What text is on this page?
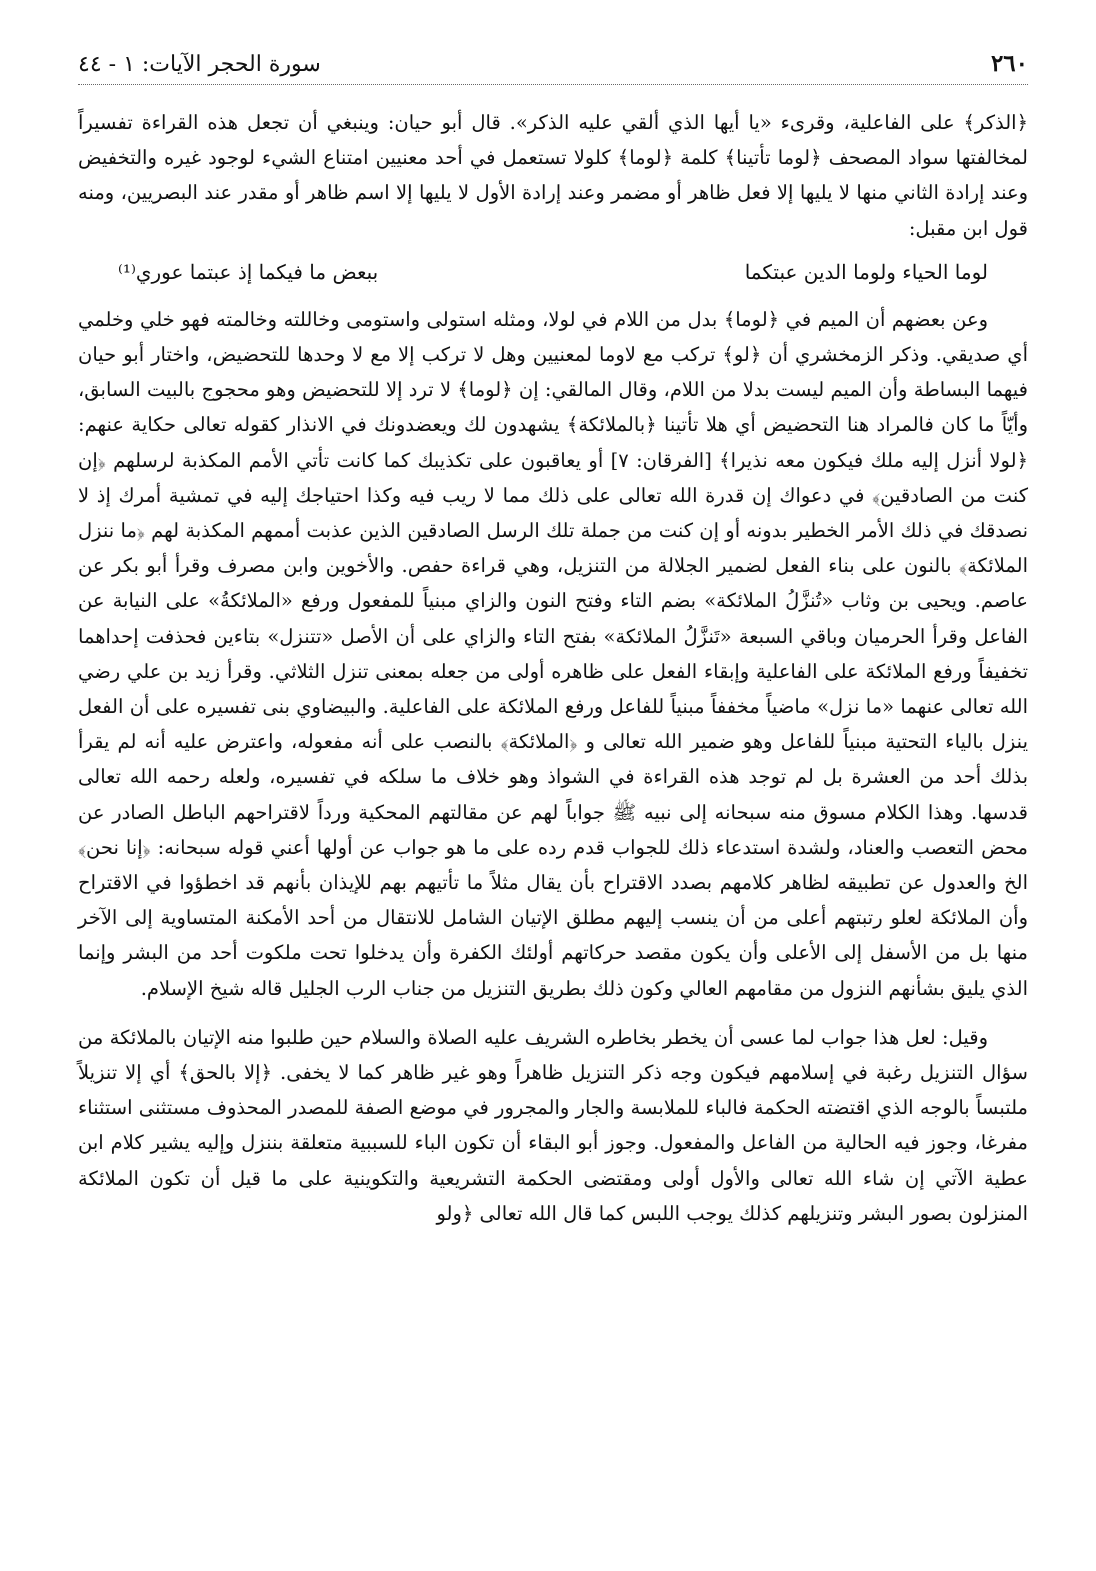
٢٦٠
سورة الحجر الآيات: ١ - ٤٤

﴿الذكر﴾ على الفاعلية، وقرىء «يا أيها الذي ألقي عليه الذكر». قال أبو حيان: وينبغي أن تجعل هذه القراءة تفسيراً لمخالفتها سواد المصحف ﴿لوما تأتينا﴾ كلمة ﴿لوما﴾ كلولا تستعمل في أحد معنيين امتناع الشيء لوجود غيره والتخفيض وعند إرادة الثاني منها لا يليها إلا فعل ظاهر أو مضمر وعند إرادة الأول لا يليها إلا اسم ظاهر أو مقدر عند البصريين، ومنه قول ابن مقبل:

لوما الحياء ولوما الدين عبتكما
ببعض ما فيكما إذ عبتما عوري⁽¹⁾

وعن بعضهم أن الميم في ﴿لوما﴾ بدل من اللام في لولا، ومثله استولى واستومى وخاللته وخالمته فهو خلي وخلمي أي صديقي. وذكر الزمخشري أن ﴿لو﴾ تركب مع لاوما لمعنيين وهل لا تركب إلا مع لا وحدها للتحضيض، واختار أبو حيان فيهما البساطة وأن الميم ليست بدلا من اللام، وقال المالقي: إن ﴿لوما﴾ لا ترد إلا للتحضيض وهو محجوج بالبيت السابق، وأيّاً ما كان فالمراد هنا التحضيض أي هلا تأتينا ﴿بالملائكة﴾ يشهدون لك ويعضدونك في الانذار كقوله تعالى حكاية عنهم: ﴿لولا أنزل إليه ملك فيكون معه نذيرا﴾ [الفرقان: ٧] أو يعاقبون على تكذيبك كما كانت تأتي الأمم المكذبة لرسلهم ﴿إن كنت من الصادقين﴾ في دعواك إن قدرة الله تعالى على ذلك مما لا ريب فيه وكذا احتياجك إليه في تمشية أمرك إذ لا نصدقك في ذلك الأمر الخطير بدونه أو إن كنت من جملة تلك الرسل الصادقين الذين عذبت أممهم المكذبة لهم ﴿ما ننزل الملائكة﴾ بالنون على بناء الفعل لضمير الجلالة من التنزيل، وهي قراءة حفص. والأخوين وابن مصرف وقرأ أبو بكر عن عاصم. ويحيى بن وثاب «تُنزَّلُ الملائكة» بضم التاء وفتح النون والزاي مبنياً للمفعول ورفع «الملائكةُ» على النيابة عن الفاعل وقرأ الحرميان وباقي السبعة «تَنزَّلُ الملائكة» بفتح التاء والزاي على أن الأصل «تتنزل» بتاءين فحذفت إحداهما تخفيفاً ورفع الملائكة على الفاعلية وإبقاء الفعل على ظاهره أولى من جعله بمعنى تنزل الثلاثي. وقرأ زيد بن علي رضي الله تعالى عنهما «ما نزل» ماضياً مخففاً مبنياً للفاعل ورفع الملائكة على الفاعلية. والبيضاوي بنى تفسيره على أن الفعل ينزل بالياء التحتية مبنياً للفاعل وهو ضمير الله تعالى و ﴿الملائكة﴾ بالنصب على أنه مفعوله، واعترض عليه أنه لم يقرأ بذلك أحد من العشرة بل لم توجد هذه القراءة في الشواذ وهو خلاف ما سلكه في تفسيره، ولعله رحمه الله تعالى قدسها. وهذا الكلام مسوق منه سبحانه إلى نبيه ﷺ جواباً لهم عن مقالتهم المحكية ورداً لاقتراحهم الباطل الصادر عن محض التعصب والعناد، ولشدة استدعاء ذلك للجواب قدم رده على ما هو جواب عن أولها أعني قوله سبحانه: ﴿إنا نحن﴾ الخ والعدول عن تطبيقه لظاهر كلامهم بصدد الاقتراح بأن يقال مثلاً ما تأتيهم بهم للإيذان بأنهم قد اخطؤوا في الاقتراح وأن الملائكة لعلو رتبتهم أعلى من أن ينسب إليهم مطلق الإتيان الشامل للانتقال من أحد الأمكنة المتساوية إلى الآخر منها بل من الأسفل إلى الأعلى وأن يكون مقصد حركاتهم أولئك الكفرة وأن يدخلوا تحت ملكوت أحد من البشر وإنما الذي يليق بشأنهم النزول من مقامهم العالي وكون ذلك بطريق التنزيل من جناب الرب الجليل قاله شيخ الإسلام.

وقيل: لعل هذا جواب لما عسى أن يخطر بخاطره الشريف عليه الصلاة والسلام حين طلبوا منه الإتيان بالملائكة من سؤال التنزيل رغبة في إسلامهم فيكون وجه ذكر التنزيل ظاهراً وهو غير ظاهر كما لا يخفى. ﴿إلا بالحق﴾ أي إلا تنزيلاً ملتبساً بالوجه الذي اقتضته الحكمة فالباء للملابسة والجار والمجرور في موضع الصفة للمصدر المحذوف مستثنى استثناء مفرغا، وجوز فيه الحالية من الفاعل والمفعول. وجوز أبو البقاء أن تكون الباء للسببية متعلقة بننزل وإليه يشير كلام ابن عطية الآتي إن شاء الله تعالى والأول أولى ومقتضى الحكمة التشريعية والتكوينية على ما قيل أن تكون الملائكة المنزلون بصور البشر وتنزيلهم كذلك يوجب اللبس كما قال الله تعالى ﴿ولو
